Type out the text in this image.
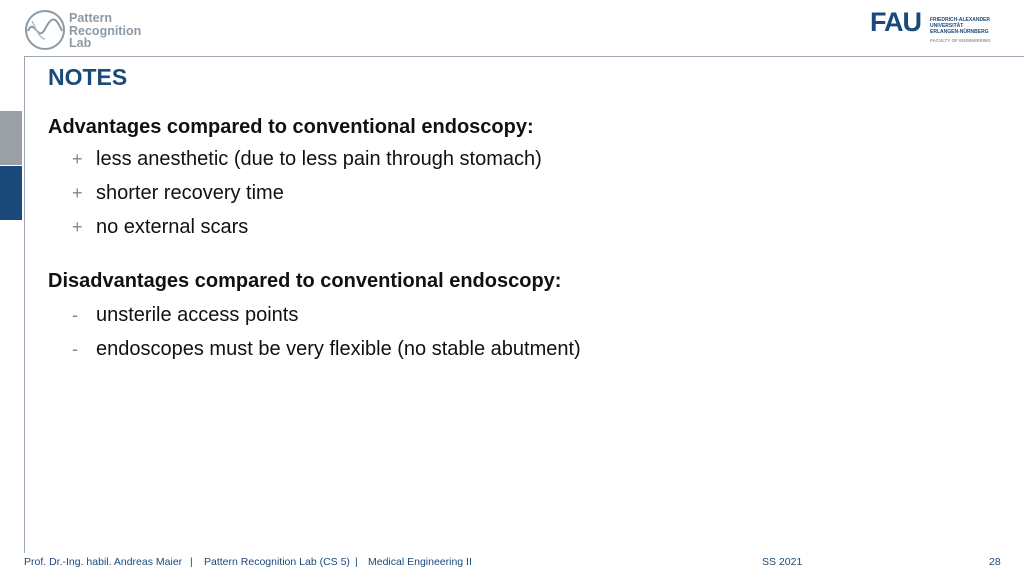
Pattern
Recognition
Lab
FAU FRIEDRICH-ALEXANDER
UNIVERSITÄT
ERLANGEN-NÜRNBERG
FACULTY OF ENGINEERING
NOTES
Advantages compared to conventional endoscopy:
+ less anesthetic (due to less pain through stomach)
+ shorter recovery time
+ no external scars
Disadvantages compared to conventional endoscopy:
- unsterile access points
- endoscopes must be very flexible (no stable abutment)
Prof. Dr.-Ing. habil. Andreas Maier | Pattern Recognition Lab (CS 5) | Medical Engineering II	SS 2021	28
